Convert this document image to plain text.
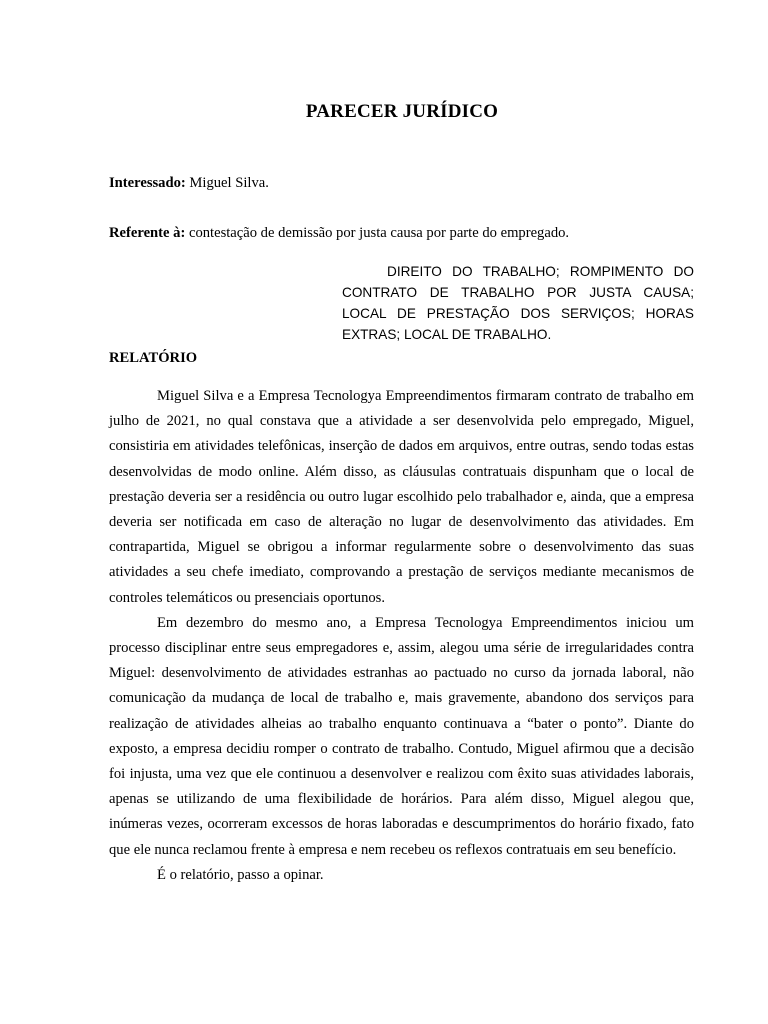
PARECER JURÍDICO
Interessado: Miguel Silva.
Referente à: contestação de demissão por justa causa por parte do empregado.
DIREITO DO TRABALHO; ROMPIMENTO DO CONTRATO DE TRABALHO POR JUSTA CAUSA; LOCAL DE PRESTAÇÃO DOS SERVIÇOS; HORAS EXTRAS; LOCAL DE TRABALHO.
RELATÓRIO

Miguel Silva e a Empresa Tecnologya Empreendimentos firmaram contrato de trabalho em julho de 2021, no qual constava que a atividade a ser desenvolvida pelo empregado, Miguel, consistiria em atividades telefônicas, inserção de dados em arquivos, entre outras, sendo todas estas desenvolvidas de modo online. Além disso, as cláusulas contratuais dispunham que o local de prestação deveria ser a residência ou outro lugar escolhido pelo trabalhador e, ainda, que a empresa deveria ser notificada em caso de alteração no lugar de desenvolvimento das atividades. Em contrapartida, Miguel se obrigou a informar regularmente sobre o desenvolvimento das suas atividades a seu chefe imediato, comprovando a prestação de serviços mediante mecanismos de controles telemáticos ou presenciais oportunos.

Em dezembro do mesmo ano, a Empresa Tecnologya Empreendimentos iniciou um processo disciplinar entre seus empregadores e, assim, alegou uma série de irregularidades contra Miguel: desenvolvimento de atividades estranhas ao pactuado no curso da jornada laboral, não comunicação da mudança de local de trabalho e, mais gravemente, abandono dos serviços para realização de atividades alheias ao trabalho enquanto continuava a “bater o ponto”. Diante do exposto, a empresa decidiu romper o contrato de trabalho. Contudo, Miguel afirmou que a decisão foi injusta, uma vez que ele continuou a desenvolver e realizou com êxito suas atividades laborais, apenas se utilizando de uma flexibilidade de horários. Para além disso, Miguel alegou que, inúmeras vezes, ocorreram excessos de horas laboradas e descumprimentos do horário fixado, fato que ele nunca reclamou frente à empresa e nem recebeu os reflexos contratuais em seu benefício.

É o relatório, passo a opinar.
